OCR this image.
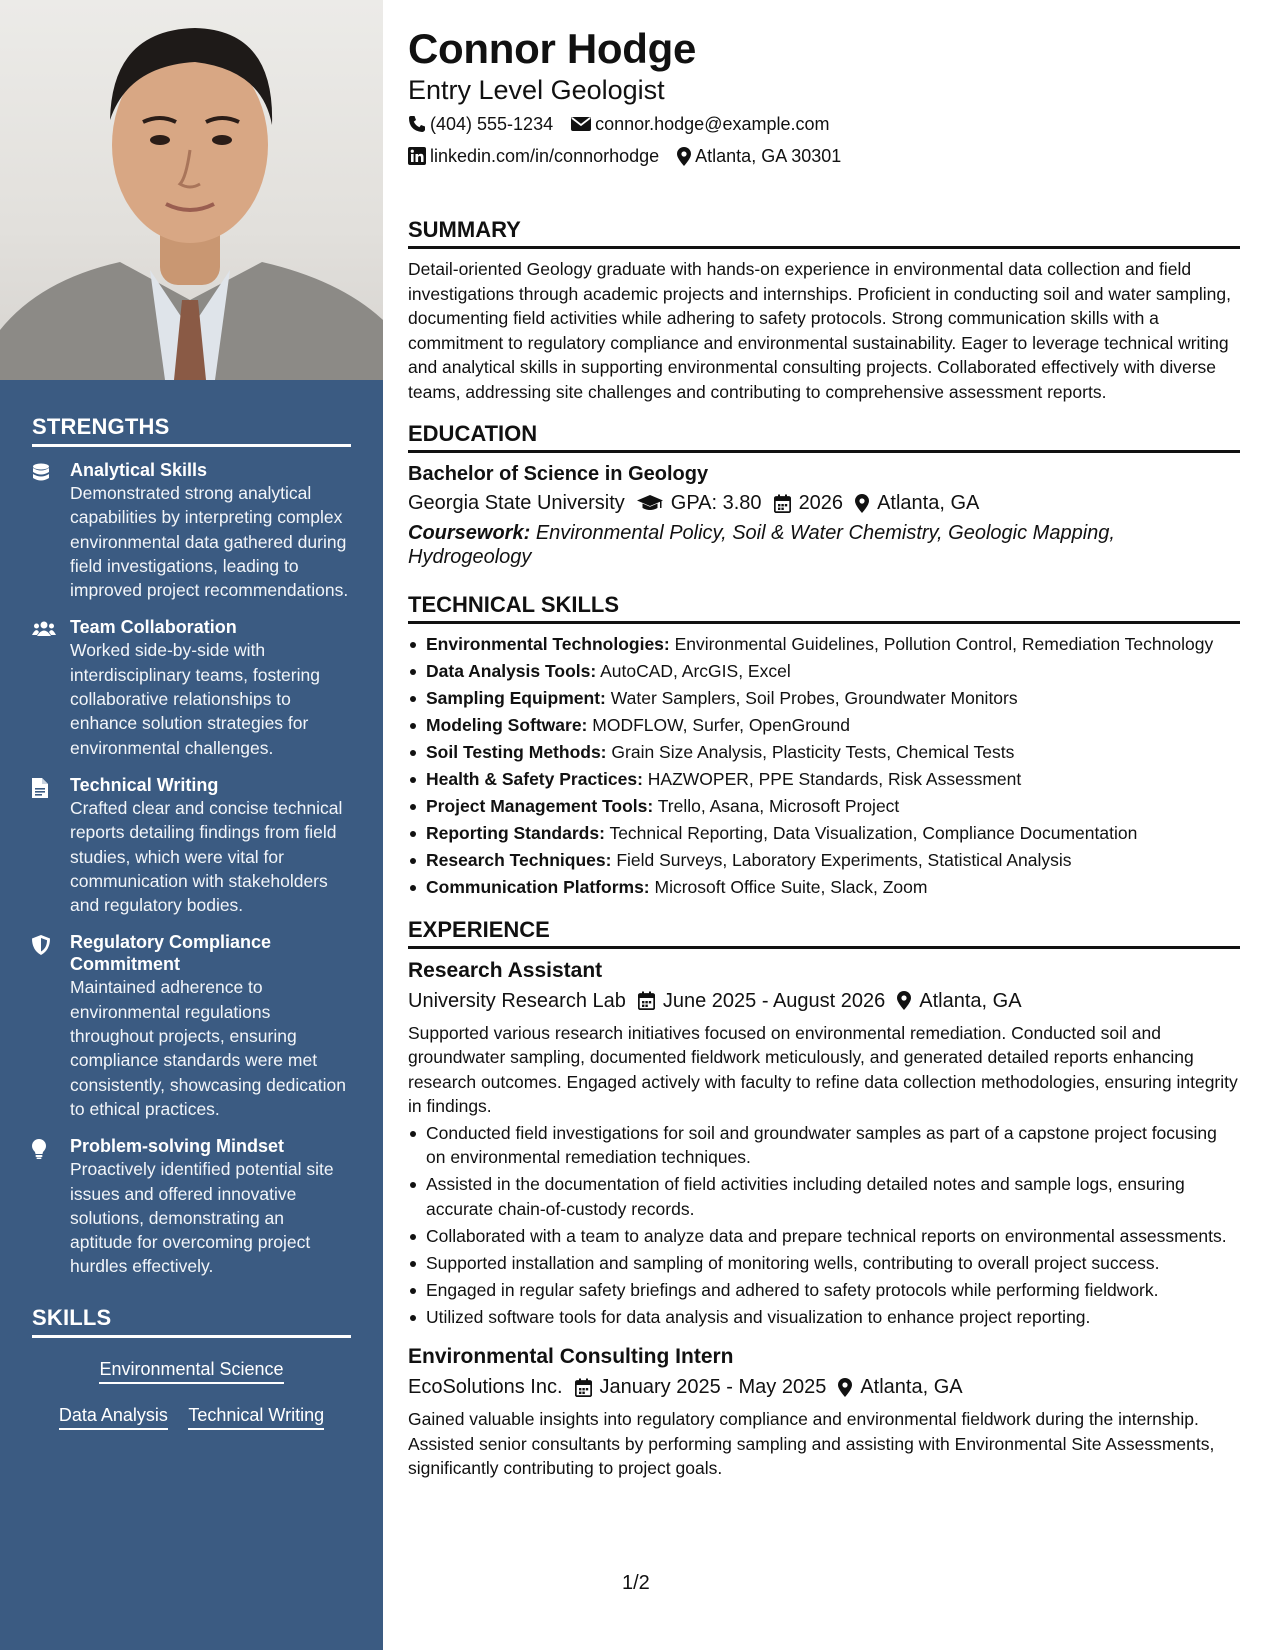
STRENGTHS
Analytical Skills
Demonstrated strong analytical capabilities by interpreting complex environmental data gathered during field investigations, leading to improved project recommendations.
Team Collaboration
Worked side-by-side with interdisciplinary teams, fostering collaborative relationships to enhance solution strategies for environmental challenges.
Technical Writing
Crafted clear and concise technical reports detailing findings from field studies, which were vital for communication with stakeholders and regulatory bodies.
Regulatory Compliance Commitment
Maintained adherence to environmental regulations throughout projects, ensuring compliance standards were met consistently, showcasing dedication to ethical practices.
Problem-solving Mindset
Proactively identified potential site issues and offered innovative solutions, demonstrating an aptitude for overcoming project hurdles effectively.
SKILLS
Environmental Science
Data Analysis Technical Writing
Connor Hodge
Entry Level Geologist
(404) 555-1234 connor.hodge@example.com
linkedin.com/in/connorhodge Atlanta, GA 30301
SUMMARY
Detail-oriented Geology graduate with hands-on experience in environmental data collection and field investigations through academic projects and internships. Proficient in conducting soil and water sampling, documenting field activities while adhering to safety protocols. Strong communication skills with a commitment to regulatory compliance and environmental sustainability. Eager to leverage technical writing and analytical skills in supporting environmental consulting projects. Collaborated effectively with diverse teams, addressing site challenges and contributing to comprehensive assessment reports.
EDUCATION
Bachelor of Science in Geology
Georgia State University GPA: 3.80 2026 Atlanta, GA
Coursework: Environmental Policy, Soil & Water Chemistry, Geologic Mapping, Hydrogeology
TECHNICAL SKILLS
Environmental Technologies: Environmental Guidelines, Pollution Control, Remediation Technology
Data Analysis Tools: AutoCAD, ArcGIS, Excel
Sampling Equipment: Water Samplers, Soil Probes, Groundwater Monitors
Modeling Software: MODFLOW, Surfer, OpenGround
Soil Testing Methods: Grain Size Analysis, Plasticity Tests, Chemical Tests
Health & Safety Practices: HAZWOPER, PPE Standards, Risk Assessment
Project Management Tools: Trello, Asana, Microsoft Project
Reporting Standards: Technical Reporting, Data Visualization, Compliance Documentation
Research Techniques: Field Surveys, Laboratory Experiments, Statistical Analysis
Communication Platforms: Microsoft Office Suite, Slack, Zoom
EXPERIENCE
Research Assistant
University Research Lab June 2025 - August 2026 Atlanta, GA
Supported various research initiatives focused on environmental remediation. Conducted soil and groundwater sampling, documented fieldwork meticulously, and generated detailed reports enhancing research outcomes. Engaged actively with faculty to refine data collection methodologies, ensuring integrity in findings.
Conducted field investigations for soil and groundwater samples as part of a capstone project focusing on environmental remediation techniques.
Assisted in the documentation of field activities including detailed notes and sample logs, ensuring accurate chain-of-custody records.
Collaborated with a team to analyze data and prepare technical reports on environmental assessments.
Supported installation and sampling of monitoring wells, contributing to overall project success.
Engaged in regular safety briefings and adhered to safety protocols while performing fieldwork.
Utilized software tools for data analysis and visualization to enhance project reporting.
Environmental Consulting Intern
EcoSolutions Inc. January 2025 - May 2025 Atlanta, GA
Gained valuable insights into regulatory compliance and environmental fieldwork during the internship. Assisted senior consultants by performing sampling and assisting with Environmental Site Assessments, significantly contributing to project goals.
1/2
